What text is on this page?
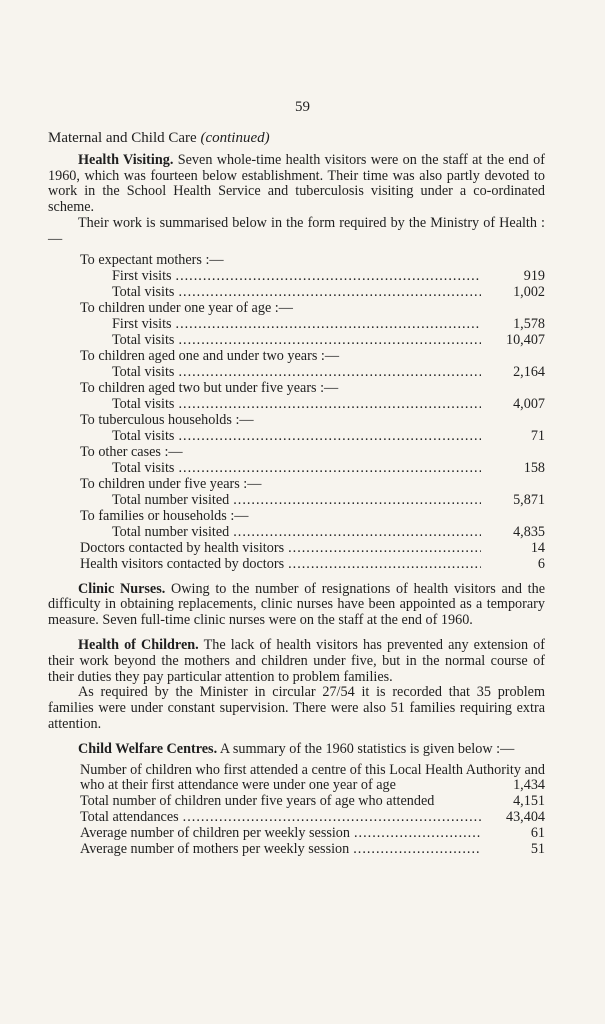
59
Maternal and Child Care (continued)

Health Visiting. Seven whole-time health visitors were on the staff at the end of 1960, which was fourteen below establishment. Their time was also partly devoted to work in the School Health Service and tuberculosis visiting under a co-ordinated scheme.

Their work is summarised below in the form required by the Ministry of Health :—

To expectant mothers :—
First visits .....	919
Total visits .....	1,002
To children under one year of age :—
First visits .....	1,578
Total visits .....	10,407
To children aged one and under two years :—
Total visits .....	2,164
To children aged two but under five years :—
Total visits .....	4,007
To tuberculous households :—
Total visits .....	71
To other cases :—
Total visits .....	158
To children under five years :—
Total number visited .....	5,871
To families or households :—
Total number visited .....	4,835
Doctors contacted by health visitors .....	14
Health visitors contacted by doctors .....	6

Clinic Nurses. Owing to the number of resignations of health visitors and the difficulty in obtaining replacements, clinic nurses have been appointed as a temporary measure. Seven full-time clinic nurses were on the staff at the end of 1960.

Health of Children. The lack of health visitors has prevented any extension of their work beyond the mothers and children under five, but in the normal course of their duties they pay particular attention to problem families.

As required by the Minister in circular 27/54 it is recorded that 35 problem families were under constant supervision. There were also 51 families requiring extra attention.

Child Welfare Centres. A summary of the 1960 statistics is given below :—

Number of children who first attended a centre of this Local Health Authority and who at their first attendance were under one year of age	1,434
Total number of children under five years of age who attended	4,151
Total attendances .....	43,404
Average number of children per weekly session .....	61
Average number of mothers per weekly session .....	51
